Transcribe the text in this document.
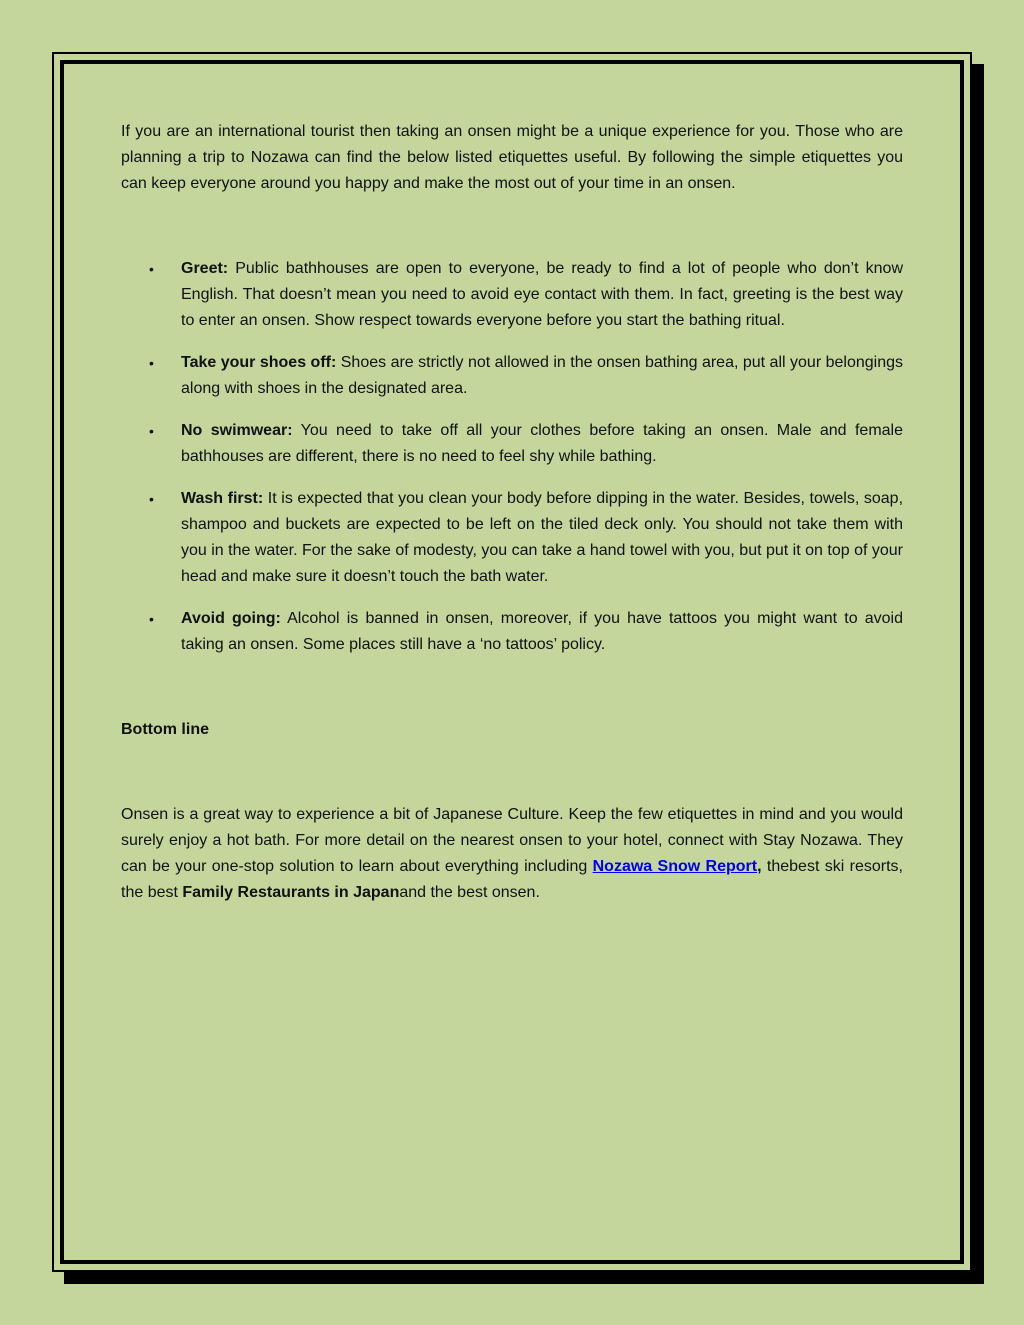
If you are an international tourist then taking an onsen might be a unique experience for you. Those who are planning a trip to Nozawa can find the below listed etiquettes useful. By following the simple etiquettes you can keep everyone around you happy and make the most out of your time in an onsen.

• Greet: Public bathhouses are open to everyone, be ready to find a lot of people who don’t know English. That doesn’t mean you need to avoid eye contact with them. In fact, greeting is the best way to enter an onsen. Show respect towards everyone before you start the bathing ritual.
• Take your shoes off: Shoes are strictly not allowed in the onsen bathing area, put all your belongings along with shoes in the designated area.
• No swimwear: You need to take off all your clothes before taking an onsen. Male and female bathhouses are different, there is no need to feel shy while bathing.
• Wash first: It is expected that you clean your body before dipping in the water. Besides, towels, soap, shampoo and buckets are expected to be left on the tiled deck only. You should not take them with you in the water. For the sake of modesty, you can take a hand towel with you, but put it on top of your head and make sure it doesn’t touch the bath water.
• Avoid going: Alcohol is banned in onsen, moreover, if you have tattoos you might want to avoid taking an onsen. Some places still have a ‘no tattoos’ policy.

Bottom line

Onsen is a great way to experience a bit of Japanese Culture. Keep the few etiquettes in mind and you would surely enjoy a hot bath. For more detail on the nearest onsen to your hotel, connect with Stay Nozawa. They can be your one-stop solution to learn about everything including Nozawa Snow Report, thebest ski resorts, the best Family Restaurants in Japanand the best onsen.
